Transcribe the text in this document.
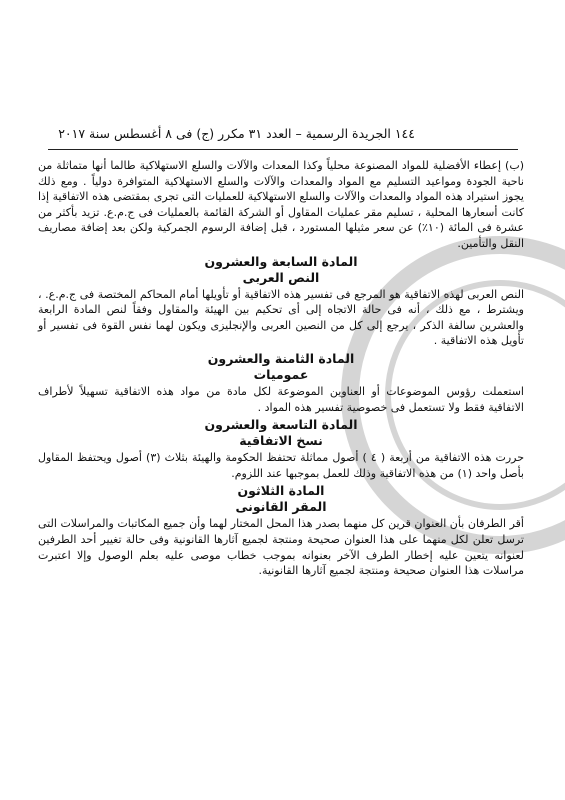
١٤٤ الجريدة الرسمية – العدد ٣١ مكرر (ج) فى ٨ أغسطس سنة ٢٠١٧

(ب) إعطاء الأفضلية للمواد المصنوعة محلياً وكذا المعدات والآلات والسلع الاستهلاكية طالما أنها متماثلة من ناحية الجودة ومواعيد التسليم مع المواد والمعدات والآلات والسلع الاستهلاكية المتوافرة دولياً . ومع ذلك يجوز استيراد هذه المواد والمعدات والآلات والسلع الاستهلاكية للعمليات التى تجرى بمقتضى هذه الاتفاقية إذا كانت أسعارها المحلية ، تسليم مقر عمليات المقاول أو الشركة القائمة بالعمليات فى ج.م.ع. تزيد بأكثر من عشرة فى المائة (١٠٪) عن سعر مثيلها المستورد ، قبل إضافة الرسوم الجمركية ولكن بعد إضافة مصاريف النقل والتأمين.

المادة السابعة والعشرون
النص العربى

النص العربى لهذه الاتفاقية هو المرجع فى تفسير هذه الاتفاقية أو تأويلها أمام المحاكم المختصة فى ج.م.ع. ، ويشترط ، مع ذلك ، أنه فى حالة الاتجاه إلى أى تحكيم بين الهيئة والمقاول وفقاً لنص المادة الرابعة والعشرين سالفة الذكر ، يرجع إلى كل من النصين العربى والإنجليزى ويكون لهما نفس القوة فى تفسير أو تأويل هذه الاتفاقية .

المادة الثامنة والعشرون
عموميات

استعملت رؤوس الموضوعات أو العناوين الموضوعة لكل مادة من مواد هذه الاتفاقية تسهيلاً لأطراف الاتفاقية فقط ولا تستعمل فى خصوصية تفسير هذه المواد .

المادة التاسعة والعشرون
نسخ الاتفاقية

حررت هذه الاتفاقية من أربعة ( ٤ ) أصول مماثلة تحتفظ الحكومة والهيئة بثلاث (٣) أصول ويحتفظ المقاول بأصل واحد (١) من هذه الاتفاقية وذلك للعمل بموجبها عند اللزوم.

المادة الثلاثون
المقر القانونى

أقر الطرفان بأن العنوان قرين كل منهما بصدر هذا المحل المختار لهما وأن جميع المكاتبات والمراسلات التى ترسل تعلن لكل منهما على هذا العنوان صحيحة ومنتجة لجميع آثارها القانونية وفى حالة تغيير أحد الطرفين لعنوانه يتعين عليه إخطار الطرف الآخر بعنوانه بموجب خطاب موصى عليه بعلم الوصول وإلا اعتبرت مراسلات هذا العنوان صحيحة ومنتجة لجميع آثارها القانونية.
